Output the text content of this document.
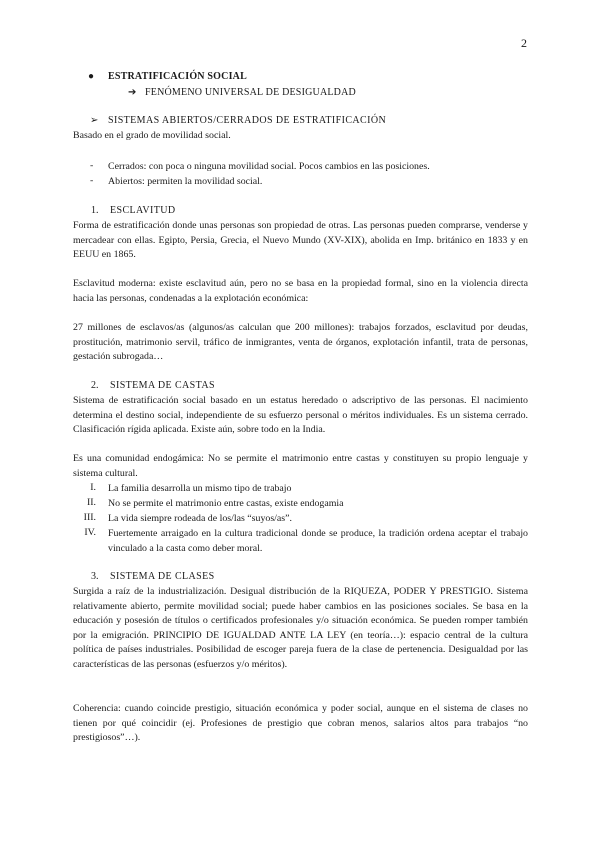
2
● ESTRATIFICACIÓN SOCIAL
➔ FENÓMENO UNIVERSAL DE DESIGUALDAD
➢ SISTEMAS ABIERTOS/CERRADOS DE ESTRATIFICACIÓN
Basado en el grado de movilidad social.
- Cerrados: con poca o ninguna movilidad social. Pocos cambios en las posiciones.
- Abiertos: permiten la movilidad social.
1. ESCLAVITUD
Forma de estratificación donde unas personas son propiedad de otras. Las personas pueden comprarse, venderse y mercadear con ellas. Egipto, Persia, Grecia, el Nuevo Mundo (XV-XIX), abolida en Imp. británico en 1833 y en EEUU en 1865.
Esclavitud moderna: existe esclavitud aún, pero no se basa en la propiedad formal, sino en la violencia directa hacia las personas, condenadas a la explotación económica:
27 millones de esclavos/as (algunos/as calculan que 200 millones): trabajos forzados, esclavitud por deudas, prostitución, matrimonio servil, tráfico de inmigrantes, venta de órganos, explotación infantil, trata de personas, gestación subrogada…
2. SISTEMA DE CASTAS
Sistema de estratificación social basado en un estatus heredado o adscriptivo de las personas. El nacimiento determina el destino social, independiente de su esfuerzo personal o méritos individuales. Es un sistema cerrado. Clasificación rígida aplicada. Existe aún, sobre todo en la India.
Es una comunidad endogámica: No se permite el matrimonio entre castas y constituyen su propio lenguaje y sistema cultural.
I. La familia desarrolla un mismo tipo de trabajo
II. No se permite el matrimonio entre castas, existe endogamia
III. La vida siempre rodeada de los/las “suyos/as”.
IV. Fuertemente arraigado en la cultura tradicional donde se produce, la tradición ordena aceptar el trabajo vinculado a la casta como deber moral.
3. SISTEMA DE CLASES
Surgida a raíz de la industrialización. Desigual distribución de la RIQUEZA, PODER Y PRESTIGIO. Sistema relativamente abierto, permite movilidad social; puede haber cambios en las posiciones sociales. Se basa en la educación y posesión de títulos o certificados profesionales y/o situación económica. Se pueden romper también por la emigración. PRINCIPIO DE IGUALDAD ANTE LA LEY (en teoría…): espacio central de la cultura política de países industriales. Posibilidad de escoger pareja fuera de la clase de pertenencia. Desigualdad por las características de las personas (esfuerzos y/o méritos).
Coherencia: cuando coincide prestigio, situación económica y poder social, aunque en el sistema de clases no tienen por qué coincidir (ej. Profesiones de prestigio que cobran menos, salarios altos para trabajos “no prestigiosos”…).
